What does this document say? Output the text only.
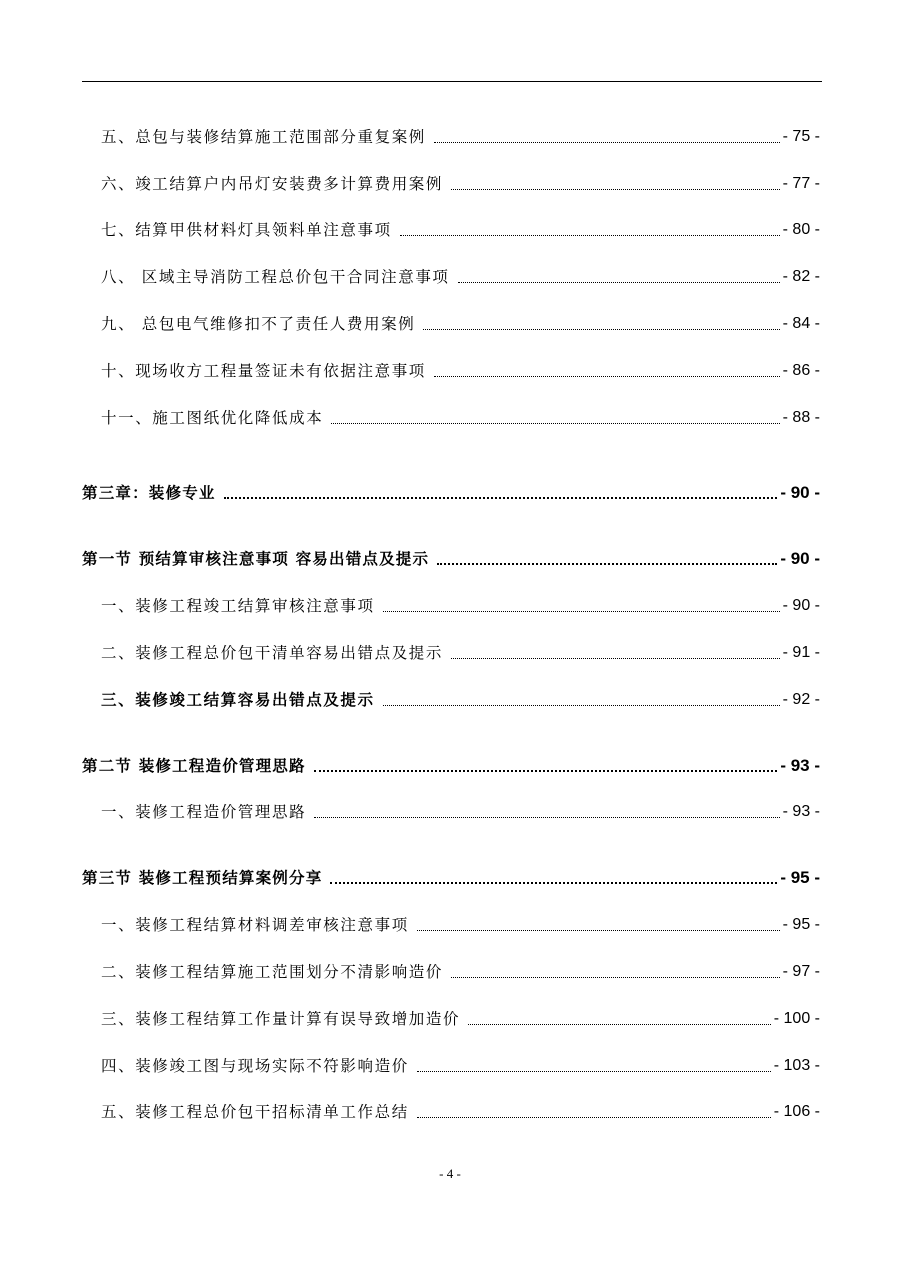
五、总包与装修结算施工范围部分重复案例	- 75 -
六、竣工结算户内吊灯安装费多计算费用案例	- 77 -
七、结算甲供材料灯具领料单注意事项	- 80 -
八、 区域主导消防工程总价包干合同注意事项	- 82 -
九、 总包电气维修扣不了责任人费用案例	- 84 -
十、现场收方工程量签证未有依据注意事项	- 86 -
十一、施工图纸优化降低成本	- 88 -
第三章：装修专业	- 90 -
第一节 预结算审核注意事项 容易出错点及提示	- 90 -
一、装修工程竣工结算审核注意事项	- 90 -
二、装修工程总价包干清单容易出错点及提示	- 91 -
三、装修竣工结算容易出错点及提示	- 92 -
第二节 装修工程造价管理思路	- 93 -
一、装修工程造价管理思路	- 93 -
第三节 装修工程预结算案例分享	- 95 -
一、装修工程结算材料调差审核注意事项	- 95 -
二、装修工程结算施工范围划分不清影响造价	- 97 -
三、装修工程结算工作量计算有误导致增加造价	- 100 -
四、装修竣工图与现场实际不符影响造价	- 103 -
五、装修工程总价包干招标清单工作总结	- 106 -
- 4 -
